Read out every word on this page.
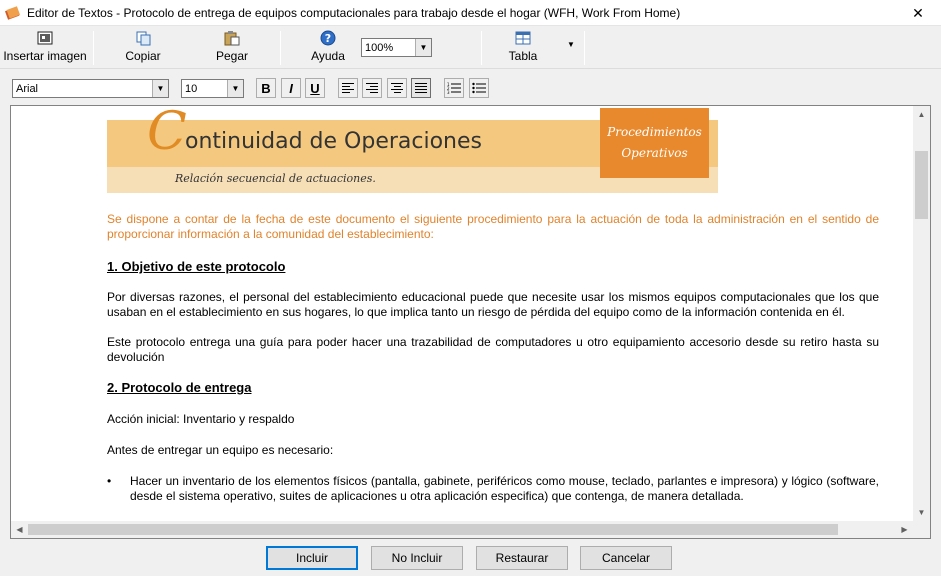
Editor de Textos - Protocolo de entrega de equipos computacionales para trabajo desde el hogar (WFH, Work From Home)	✕
Insertar imagen	Copiar	Pegar
?
Ayuda
100%	▼
Tabla
▼
Arial	▼	10	▼	B	I	U	1
2
3
C
ontinuidad de Operaciones
Relación secuencial de actuaciones.
Procedimientos
Operativos
Se dispone a contar de la fecha de este documento el siguiente procedimiento para la actuación de toda la administración en el sentido de proporcionar información a la comunidad del establecimiento:
1. Objetivo de este protocolo
Por diversas razones, el personal del establecimiento educacional puede que necesite usar los mismos equipos computacionales que los que usaban en el establecimiento en sus hogares, lo que implica tanto un riesgo de pérdida del equipo como de la información contenida en él.
Este protocolo entrega una guía para poder hacer una trazabilidad de computadores u otro equipamiento accesorio desde su retiro hasta su devolución
2. Protocolo de entrega
Acción inicial: Inventario y respaldo
Antes de entregar un equipo es necesario:
• Hacer un inventario de los elementos físicos (pantalla, gabinete, periféricos como mouse, teclado, parlantes e impresora) y lógico (software, desde el sistema operativo, suites de aplicaciones u otra aplicación especifica) que contenga, de manera detallada.
▲
▼
◀	▶
Incluir	No Incluir	Restaurar	Cancelar
